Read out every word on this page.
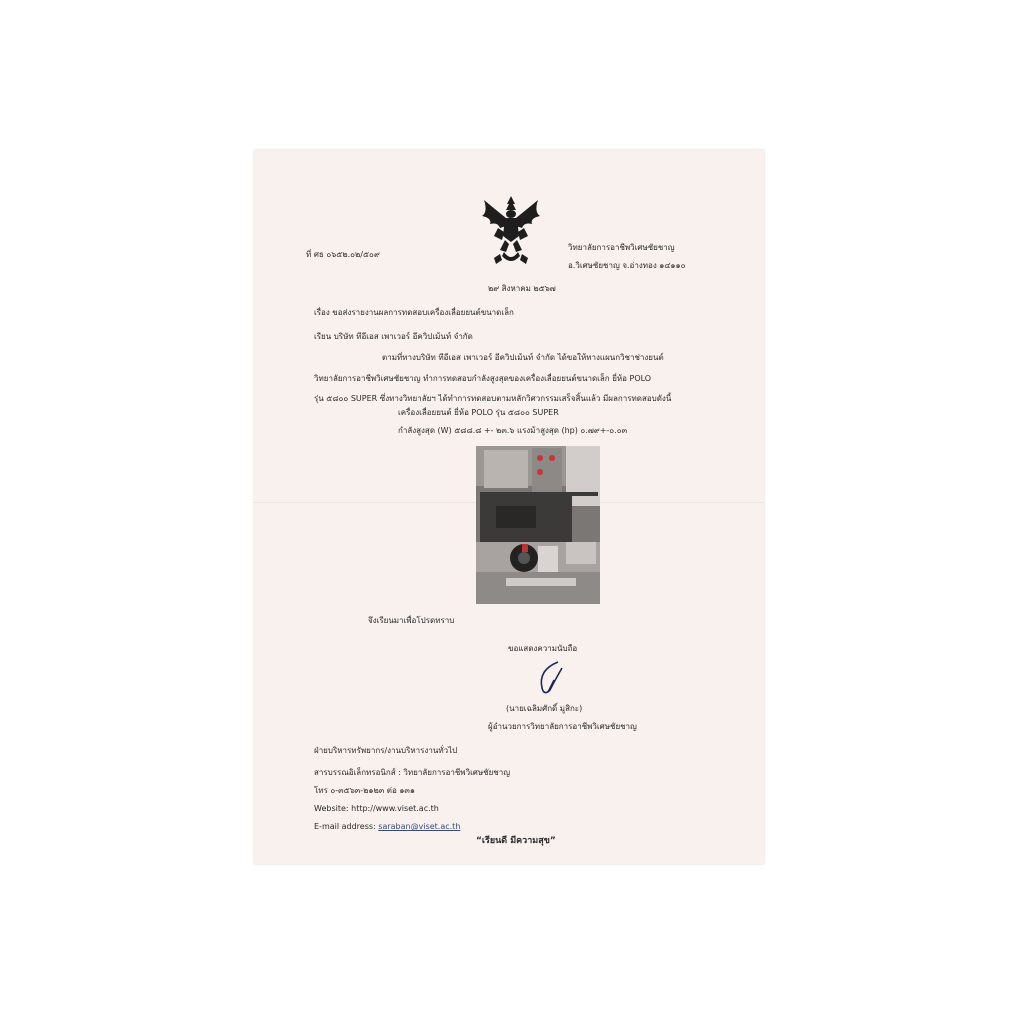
ที่ ศธ ๐๖๕๒.๐๒/๕๐๙
วิทยาลัยการอาชีพวิเศษชัยชาญ
อ.วิเศษชัยชาญ จ.อ่างทอง ๑๔๑๑๐
๒๙ สิงหาคม ๒๕๖๗
เรื่อง ขอส่งรายงานผลการทดสอบเครื่องเลื่อยยนต์ขนาดเล็ก
เรียน บริษัท ทีอีเอส เพาเวอร์ อีควิปเม้นท์ จำกัด
ตามที่ทางบริษัท ทีอีเอส เพาเวอร์ อีควิปเม้นท์ จำกัด ได้ขอให้ทางแผนกวิชาช่างยนต์
วิทยาลัยการอาชีพวิเศษชัยชาญ ทำการทดสอบกำลังสูงสุดของเครื่องเลื่อยยนต์ขนาดเล็ก ยี่ห้อ POLO
รุ่น ๕๘๐๐ SUPER ซึ่งทางวิทยาลัยฯ ได้ทำการทดสอบตามหลักวิศวกรรมเสร็จสิ้นแล้ว มีผลการทดสอบดังนี้
เครื่องเลื่อยยนต์ ยี่ห้อ POLO รุ่น ๕๘๐๐ SUPER
กำลังสูงสุด (W) ๕๘๘.๘ +- ๒๓.๖ แรงม้าสูงสุด (hp) ๐.๗๙+-๐.๐๓
จึงเรียนมาเพื่อโปรดทราบ
ขอแสดงความนับถือ
(นายเฉลิมศักดิ์ มูสิกะ)
ผู้อำนวยการวิทยาลัยการอาชีพวิเศษชัยชาญ
ฝ่ายบริหารทรัพยากร/งานบริหารงานทั่วไป
สารบรรณอิเล็กทรอนิกส์ : วิทยาลัยการอาชีพวิเศษชัยชาญ
โทร ๐-๓๕๖๓-๒๑๒๓ ต่อ ๑๓๑
Website: http://www.viset.ac.th
E-mail address: saraban@viset.ac.th
“เรียนดี มีความสุข”
